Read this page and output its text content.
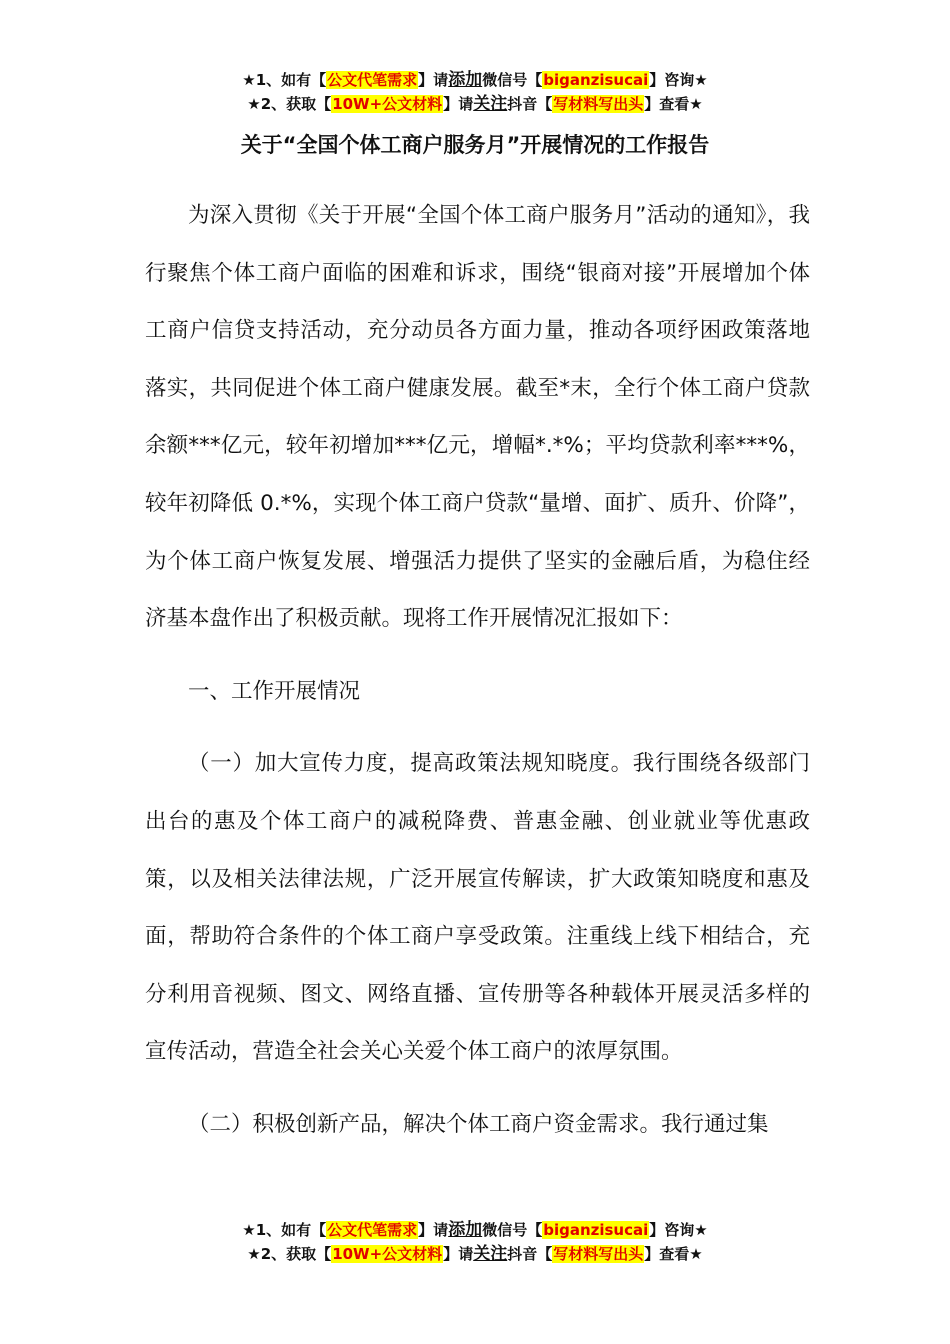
★1、如有【公文代笔需求】请添加微信号【biganzisucai】咨询★
★2、获取【10W+公文材料】请关注抖音【写材料写出头】查看★
关于“全国个体工商户服务月”开展情况的工作报告

为深入贯彻《关于开展“全国个体工商户服务月”活动的通知》，我行聚焦个体工商户面临的困难和诉求，围绕“银商对接”开展增加个体工商户信贷支持活动，充分动员各方面力量，推动各项纾困政策落地落实，共同促进个体工商户健康发展。截至*末，全行个体工商户贷款余额***亿元，较年初增加***亿元，增幅*.*%；平均贷款利率***%，较年初降低 0.*%，实现个体工商户贷款“量增、面扩、质升、价降”，为个体工商户恢复发展、增强活力提供了坚实的金融后盾，为稳住经济基本盘作出了积极贡献。现将工作开展情况汇报如下：

一、工作开展情况

（一）加大宣传力度，提高政策法规知晓度。我行围绕各级部门出台的惠及个体工商户的减税降费、普惠金融、创业就业等优惠政策，以及相关法律法规，广泛开展宣传解读，扩大政策知晓度和惠及面，帮助符合条件的个体工商户享受政策。注重线上线下相结合，充分利用音视频、图文、网络直播、宣传册等各种载体开展灵活多样的宣传活动，营造全社会关心关爱个体工商户的浓厚氛围。

（二）积极创新产品，解决个体工商户资金需求。我行通过集

★1、如有【公文代笔需求】请添加微信号【biganzisucai】咨询★
★2、获取【10W+公文材料】请关注抖音【写材料写出头】查看★
